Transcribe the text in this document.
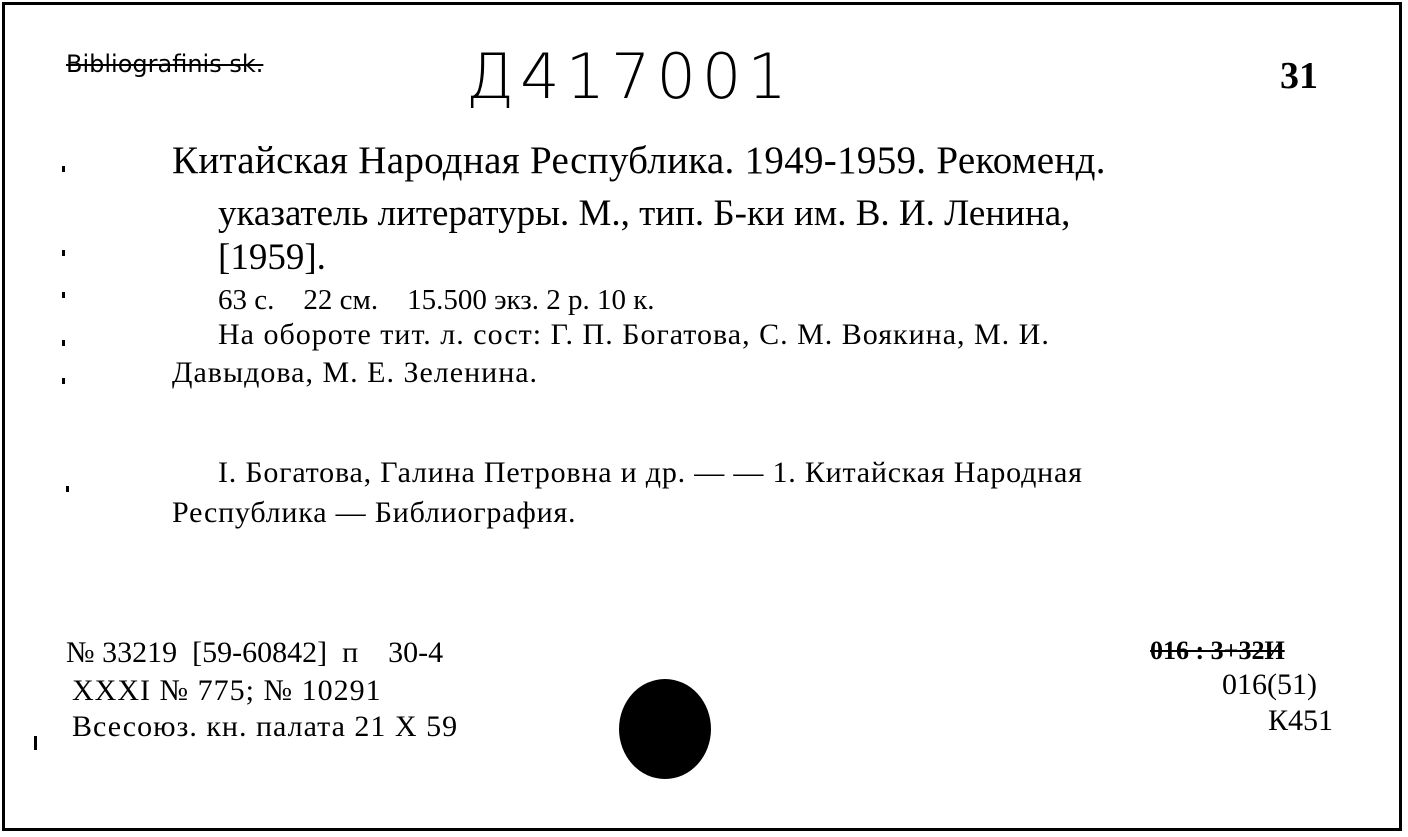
Bibliografinis sk.	Д417001	31
Китайская Народная Республика. 1949-1959. Рекоменд.
указатель литературы. М., тип. Б-ки им. В. И. Ленина,
[1959].
63 с.    22 см.    15.500 экз. 2 р. 10 к.
На обороте тит. л. сост: Г. П. Богатова, С. М. Воякина, М. И.
Давыдова, М. Е. Зеленина.
I. Богатова, Галина Петровна и др. — — 1. Китайская Народная
Республика — Библиография.
№ 33219  [59-60842]  п    30-4
XXXI № 775; № 10291
Всесоюз. кн. палата 21 X 59
016 : 3+32И
016(51)
К451
